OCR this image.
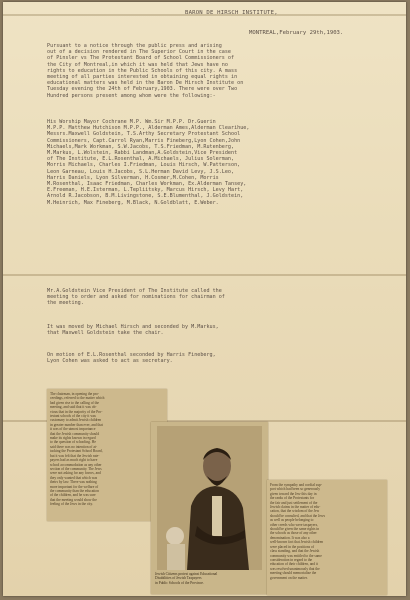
BARON DE HIRSCH INSTITUTE,
MONTREAL,February 29th,1903.

Pursuant to a notice through the public press and arising
out of a decision rendered in The Superior Court in the case
of Pinsler vs The Protestant Board of School Commissioners of
the City of Montreal,in which it was held that Jews have no
rights to education in the Public Schools of this city. A mass
meeting of all parties interested in obtaining equal rights in
educational matters was held in the Baron De Hirsch Institute on
Tuesday evening the 24th of February,1903. There were over Two
Hundred persons present among whom were the following:-

His Worship Mayor Cochrane M.P. Wm.Sir M.P.P. Dr.Guerin
M.P.P. Matthew Hutchison M.P.P., Alderman Ames,Alderman Clearihue,
Messrs.Maxwell Goldstein, T.S.Arthy Secretary Protestant School
Commissioners, Capt.Carrol Ryan,Marris Fineberg,Lyon Cohen,John
Michaels,Mark Workman, S.W.Jacobs, T.S.Friedman, M.Rutenberg,
M.Markus, L.Wolstein, Rabbi Landman,A.Goldstein,Vice President
of The Institute, E.L.Rosenthal, A.Michaels, Julius Solerman,
Morris Michaels, Charles I.Friedman, Louis Hirsch, W.Patterson,
Leon Garneau, Louis H.Jacobs, S.L.Herman David Levy, J.S.Leo,
Harris Daniels, Lyon Silverman, H.Cosmer,M.Cohen, Morris
M.Rosenthal, Isaac Friedman, Charles Workman, Ex.Alderman Tansey,
E.Freeman, H.E.Isterman, L.Tepliitsky, Marcus Hirsch, Levy Hart,
Arnold R.Jacobson, B.M.Livingstone, S.E.Blumenthal, J.Goldstein,
M.Heinrich, Max Fineberg, M.Black, N.Goldblatt, E.Weber.

Mr.A.Goldstein Vice President of The Institute called the
meeting to order and asked for nominations for chairman of
the meeting.

It was moved by Michael Hirsch and seconded by M.Markus,
that Maxwell Goldstein take the chair.

On motion of E.L.Rosenthal seconded by Harris Fineberg,
Lyon Cohen was asked to act as secretary.

The chairman, in opening the pro-
ceedings, referred to the matter which
had given rise to the calling of the
meeting, and said that it was ob-
vious that in the majority of the Pro-
testant schools of the city it was
customary to admit Jewish children
in greater number than ever, and that
it was of the utmost importance
that the Jewish community should
make its rights known in regard
to the question of schooling. He
said there was no intention of at-
tacking the Protestant School Board,
but it was felt that the Jewish rate-
payers had as much right to have
school accommodation as any other
section of the community. The Jews
were not asking for any favors, and
they only wanted that which was
theirs by law. There was nothing
more important for the welfare of
the community than the education
of the children, and he was sure
that the meeting would show the
feeling of the Jews in the city.
Jewish Citizens protest against Educational
Disabilities of Jewish Taxpayers
in Public Schools of the Province.
From the sympathy and cordial sup-
port which had been so generously
given toward the Jew this day in
the ranks of the Protestants for
the fair and just settlement of the
Jewish claims in the matter of edu-
cation, that the wisdom of the Jew
should be consulted, and that the Jews
as well as people belonging to
other creeds who were taxpayers,
should be given the same rights in
the schools as those of any other
denomination. It was also a
well-known fact that Jewish children
were placed in the positions of
class standing, and that the Jewish
community was entitled to the same
consideration in regard to the
education of their children, and it
was resolved unanimously that the
meeting should memorialize the
government on the matter.
